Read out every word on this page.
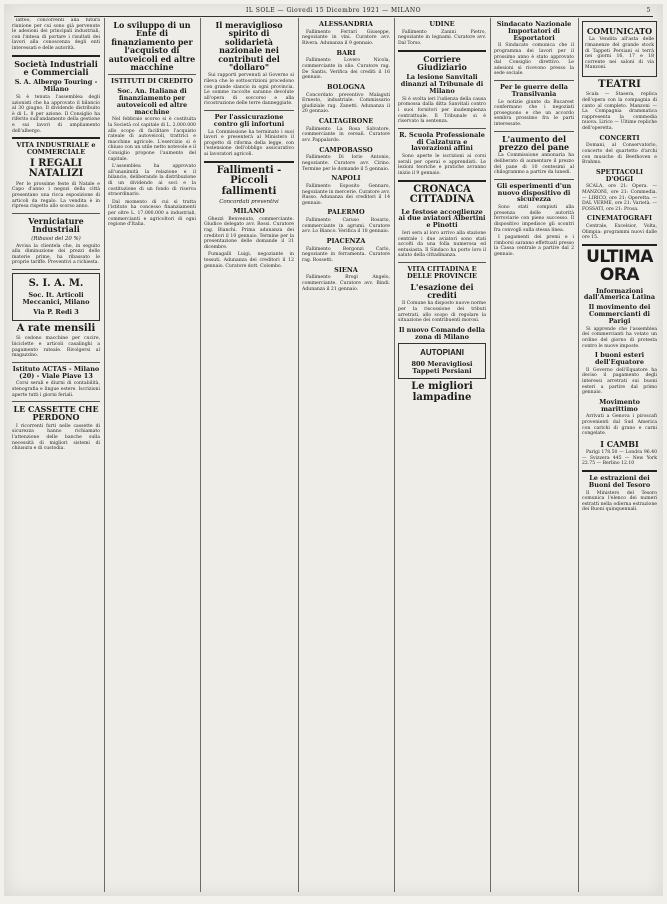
IL SOLE — Giovedì 15 Dicembre 1921 — MILANO	5

latteo, concorrenti alla futura riunione per cui sono già pervenute le adesioni dei principali industriali, con l'intesa di portare i risultati dei lavori alla conoscenza degli enti interessati e delle autorità.

Società Industriali e Commerciali
S. A. Albergo Touring - Milano

Si è tenuta l'assemblea degli azionisti che ha approvato il bilancio al 30 giugno. Il dividendo distribuito è di L. 8 per azione. Il Consiglio ha riferito sull'andamento della gestione e sui lavori di ampliamento dell'albergo.

VITA INDUSTRIALE e COMMERCIALE
I REGALI NATALIZI

Per le prossime feste di Natale e Capo d'anno i negozi della città presentano una ricca esposizione di articoli da regalo. La vendita è in ripresa rispetto allo scorso anno.

Verniciature Industriali
(Ribassi del 20 %)

Avvisa la clientela che, in seguito alla diminuzione dei prezzi delle materie prime, ha ribassato le proprie tariffe. Preventivi a richiesta.

S. I. A. M.
Soc. It. Articoli Meccanici, Milano
Via P. Redi 3
A rate mensili

Si cedono macchine per cucire, biciclette e articoli casalinghi a pagamento rateale. Rivolgersi al magazzino.

Istituto ACTAS - Milano (20) - Viale Piave 13

Corsi serali e diurni di contabilità, stenografia e lingue estere. Iscrizioni aperte tutti i giorni feriali.

LE CASSETTE CHE PERDONO

I ricorrenti furti nelle cassette di sicurezza hanno richiamato l'attenzione delle banche sulla necessità di migliori sistemi di chiusura e di custodia.

Lo sviluppo di un Ente di finanziamento per l'acquisto di autoveicoli ed altre macchine
ISTITUTI DI CREDITO
Soc. An. Italiana di finanziamento per autoveicoli ed altre macchine

Nel febbraio scorso si è costituita la Società col capitale di L. 2.000.000 allo scopo di facilitare l'acquisto rateale di autoveicoli, trattrici e macchine agricole. L'esercizio si è chiuso con un utile netto notevole e il Consiglio propone l'aumento del capitale.

L'assemblea ha approvato all'unanimità la relazione e il bilancio, deliberando la distribuzione di un dividendo ai soci e la costituzione di un fondo di riserva straordinario.

Dal momento di cui si tratta l'istituto ha concesso finanziamenti per oltre L. 17.000.000 a industriali, commercianti e agricoltori di ogni regione d'Italia.

Il meraviglioso spirito di solidarietà nazionale nei contributi del "dollaro"

Sui rapporti pervenuti al Governo si rileva che le sottoscrizioni procedono con grande slancio in ogni provincia. Le somme raccolte saranno devolute all'opera di soccorso e alla ricostruzione delle terre danneggiate.

Per l'assicurazione contro gli infortuni

La Commissione ha terminato i suoi lavori e presenterà al Ministero il progetto di riforma della legge, con l'estensione dell'obbligo assicurativo ai lavoratori agricoli.

Fallimenti - Piccoli fallimenti
Concordati preventivi
MILANO

Ghezzi Benvenuto, commerciante. Giudice delegato avv. Rossi. Curatore rag. Bianchi. Prima adunanza dei creditori il 10 gennaio. Termine per la presentazione delle domande il 31 dicembre.

Fumagalli Luigi, negoziante in tessuti. Adunanza dei creditori il 12 gennaio. Curatore dott. Colombo.

ALESSANDRIA

Fallimento Ferrari Giuseppe, negoziante in vini. Curatore avv. Rivera. Adunanza il 9 gennaio.

BARI

Fallimento Lovero Nicola, commerciante in olio. Curatore rag. De Santis. Verifica dei crediti il 16 gennaio.

BOLOGNA

Concordato preventivo Malaguti Ernesto, industriale. Commissario giudiziale rag. Zanetti. Adunanza il 20 gennaio.

CALTAGIRONE

Fallimento La Rosa Salvatore, commerciante in cereali. Curatore avv. Pappalardo.

CAMPOBASSO

Fallimento Di Iorio Antonio, negoziante. Curatore avv. Cirino. Termine per le domande il 5 gennaio.

NAPOLI

Fallimento Esposito Gennaro, negoziante in mercerie. Curatore avv. Russo. Adunanza dei creditori il 14 gennaio.

PALERMO

Fallimento Caruso Rosario, commerciante in agrumi. Curatore avv. Lo Bianco. Verifica il 18 gennaio.

PIACENZA

Fallimento Bergonzi Carlo, negoziante in ferramenta. Curatore rag. Rossetti.

SIENA

Fallimento Brogi Angelo, commerciante. Curatore avv. Bindi. Adunanza il 21 gennaio.

UDINE

Fallimento Zanini Pietro, negoziante in legnami. Curatore avv. Dal Torso.

Corriere Giudiziario
La lesione Sanvitali dinanzi al Tribunale di Milano

Si è svolta ieri l'udienza della causa promossa dalla ditta Sanvitali contro i suoi fornitori per inadempienza contrattuale. Il Tribunale si è riservato la sentenza.

R. Scuola Professionale di Calzatura e lavorazioni affini

Sono aperte le iscrizioni ai corsi serali per operai e apprendisti. Le lezioni teoriche e pratiche avranno inizio il 9 gennaio.

CRONACA CITTADINA
Le festose accoglienze ai due aviatori Albertini e Pinotti

Ieri sera al loro arrivo alla stazione centrale i due aviatori sono stati accolti da una folla numerosa ed entusiasta. Il Sindaco ha porto loro il saluto della cittadinanza.

VITA CITTADINA E DELLE PROVINCIE
L'esazione dei crediti

Il Comune ha disposto nuove norme per la riscossione dei tributi arretrati, allo scopo di regolare la situazione dei contribuenti morosi.

Il nuovo Comando della zona di Milano
AUTOPIANI
800 Meravigliosi Tappeti Persiani
Le migliori lampadine
Sindacato Nazionale Importatori di Esportatori

Il Sindacato comunica che il programma dei lavori per il prossimo anno è stato approvato dal Consiglio direttivo. Le adesioni si ricevono presso la sede sociale.

Per le guerre della Transilvania

Le notizie giunte da Bucarest confermano che i negoziati proseguono e che un accordo sembra prossimo fra le parti interessate.

L'aumento del prezzo del pane

La Commissione annonaria ha deliberato di aumentare il prezzo del pane di 10 centesimi al chilogrammo a partire da lunedì.

Gli esperimenti d'un nuovo dispositivo di sicurezza

Sono stati compiuti alla presenza delle autorità ferroviarie con pieno successo. Il dispositivo impedisce gli scontri fra convogli sulla stessa linea.

I pagamenti dei premi e i rimborsi saranno effettuati presso la Cassa centrale a partire dal 2 gennaio.

COMUNICATO

La Vendita all'asta delle rimanenze del grande stock di Tappeti Persiani si terrà nei giorni 16, 17 e 18 corrente nei saloni di via Manzoni.

TEATRI

Scala — Stasera, replica dell'opera con la compagnia di canto al completo. Manzoni — La Compagnia drammatica rappresenta la commedia nuova. Lirico — Ultime repliche dell'operetta.

CONCERTI

Domani, al Conservatorio, concerto del quartetto d'archi con musiche di Beethoven e Brahms.

SPETTACOLI D'OGGI

SCALA, ore 21: Opera. — MANZONI, ore 21: Commedia. — LIRICO, ore 21: Operetta. — DAL VERME, ore 21: Varietà. — FOSSATI, ore 21: Prosa.

CINEMATOGRAFI

Centrale, Excelsior, Volta, Olimpia: programmi nuovi dalle ore 15.

ULTIMA ORA
Informazioni dall'America Latina
Il movimento dei Commercianti di Parigi

Si apprende che l'assemblea dei commercianti ha votato un ordine del giorno di protesta contro le nuove imposte.

I buoni esteri dell'Equatore

Il Governo dell'Equatore ha deciso il pagamento degli interessi arretrati sui buoni esteri a partire dal primo gennaio.

Movimento marittimo

Arrivati a Genova i piroscafi provenienti dal Sud America con carichi di grano e carni congelate.

I CAMBI

Parigi 178.50 — Londra 96.40 — Svizzera 445 — New York 22.75 — Berlino 12.10

Le estrazioni dei Buoni del Tesoro

Il Ministero del Tesoro comunica l'elenco dei numeri estratti nella odierna estrazione dei Buoni quinquennali.
